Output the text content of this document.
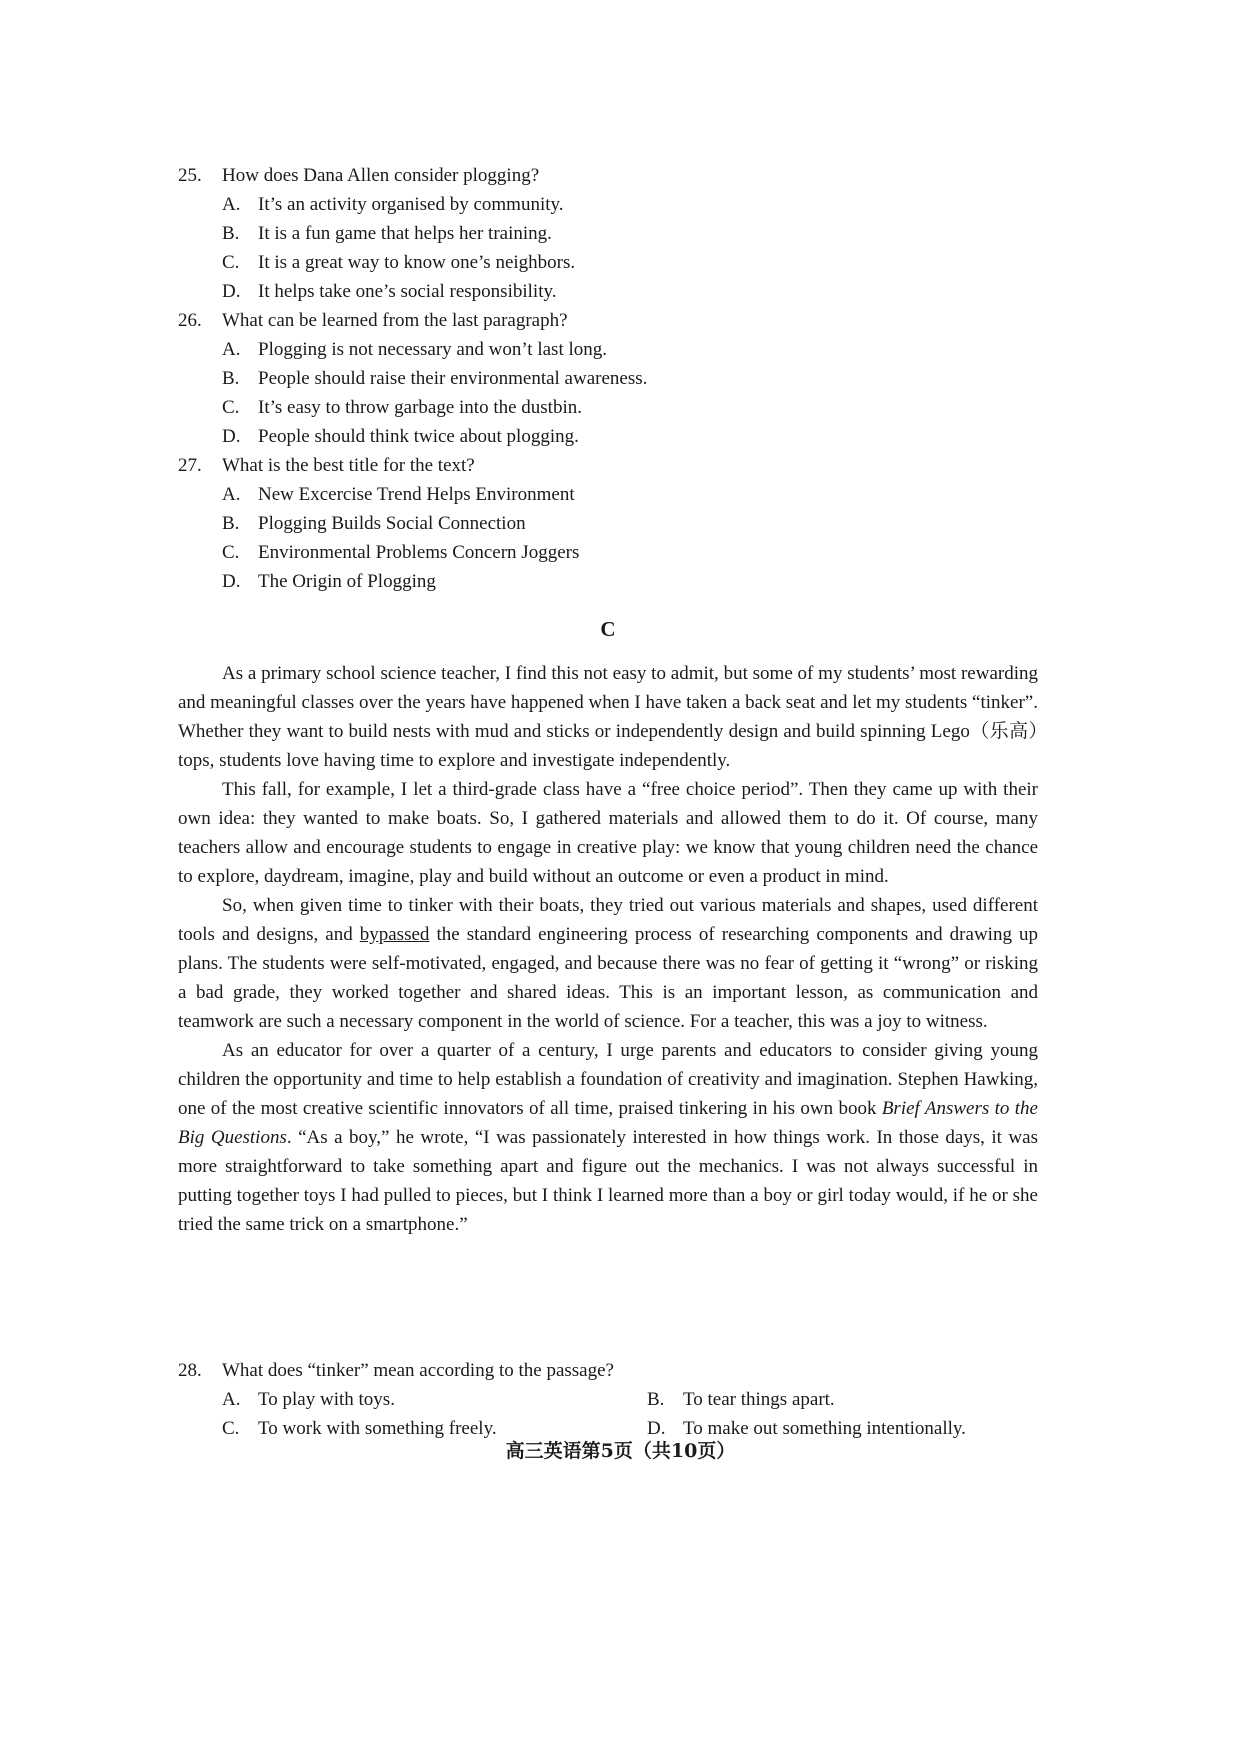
25.	How does Dana Allen consider plogging?
A. It’s an activity organised by community.
B. It is a fun game that helps her training.
C. It is a great way to know one’s neighbors.
D. It helps take one’s social responsibility.
26.	What can be learned from the last paragraph?
A. Plogging is not necessary and won’t last long.
B. People should raise their environmental awareness.
C. It’s easy to throw garbage into the dustbin.
D. People should think twice about plogging.
27.	What is the best title for the text?
A. New Excercise Trend Helps Environment
B. Plogging Builds Social Connection
C. Environmental Problems Concern Joggers
D. The Origin of Plogging
C

As a primary school science teacher, I find this not easy to admit, but some of my students’ most rewarding and meaningful classes over the years have happened when I have taken a back seat and let my students “tinker”. Whether they want to build nests with mud and sticks or independently design and build spinning Lego（乐高）tops, students love having time to explore and investigate independently.

This fall, for example, I let a third-grade class have a “free choice period”. Then they came up with their own idea: they wanted to make boats. So, I gathered materials and allowed them to do it. Of course, many teachers allow and encourage students to engage in creative play: we know that young children need the chance to explore, daydream, imagine, play and build without an outcome or even a product in mind.

So, when given time to tinker with their boats, they tried out various materials and shapes, used different tools and designs, and bypassed the standard engineering process of researching components and drawing up plans. The students were self-motivated, engaged, and because there was no fear of getting it “wrong” or risking a bad grade, they worked together and shared ideas. This is an important lesson, as communication and teamwork are such a necessary component in the world of science. For a teacher, this was a joy to witness.

As an educator for over a quarter of a century, I urge parents and educators to consider giving young children the opportunity and time to help establish a foundation of creativity and imagination. Stephen Hawking, one of the most creative scientific innovators of all time, praised tinkering in his own book Brief Answers to the Big Questions. “As a boy,” he wrote, “I was passionately interested in how things work. In those days, it was more straightforward to take something apart and figure out the mechanics. I was not always successful in putting together toys I had pulled to pieces, but I think I learned more than a boy or girl today would, if he or she tried the same trick on a smartphone.”

28.	What does “tinker” mean according to the passage?
A. To play with toys.	B. To tear things apart.
C. To work with something freely.	D. To make out something intentionally.
高三英语第5页（共10页）
